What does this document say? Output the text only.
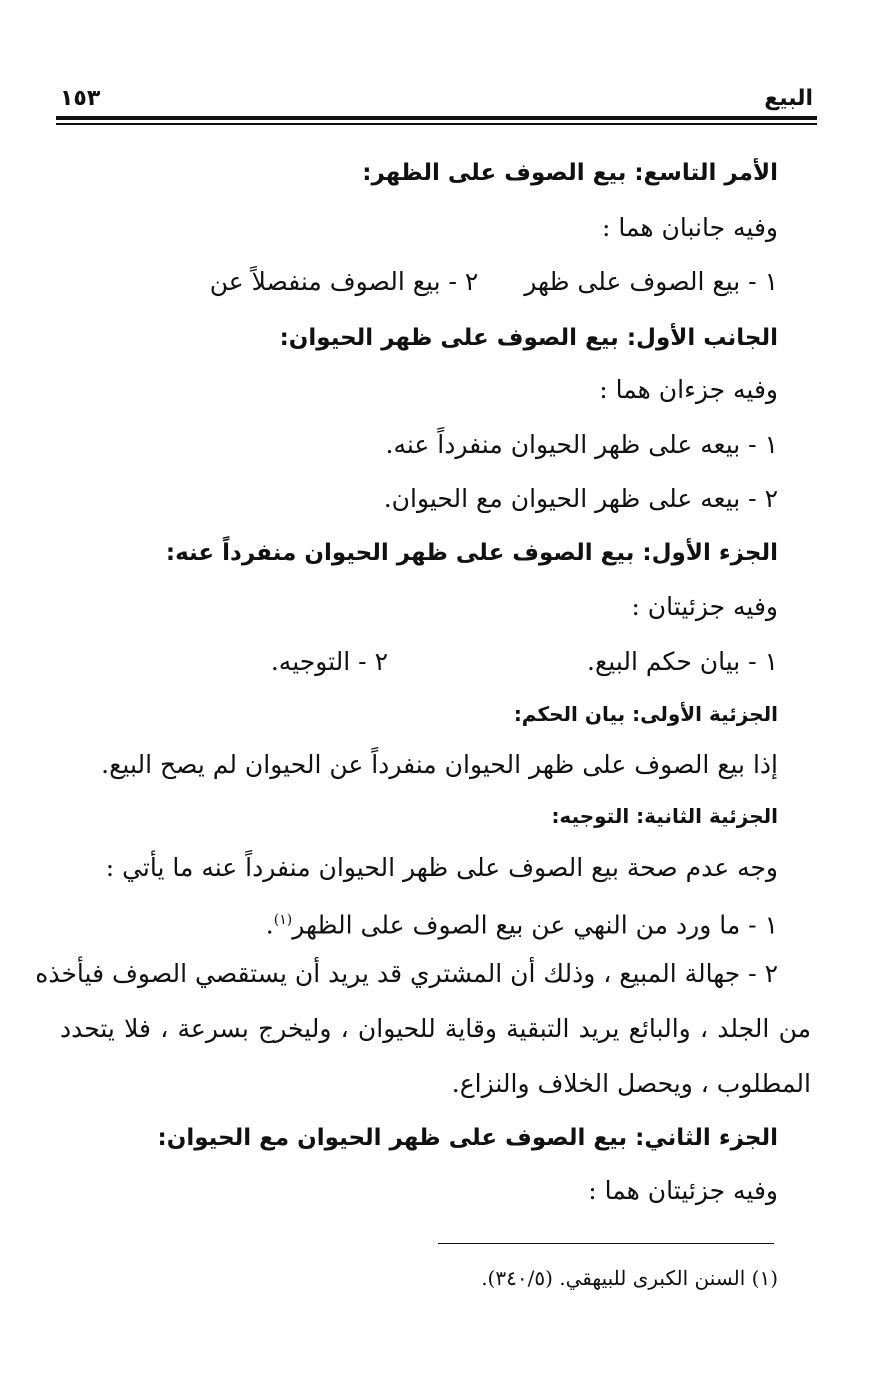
البيع
١٥٣
الأمر التاسع: بيع الصوف على الظهر:
وفيه جانبان هما :
١ - بيع الصوف على ظهر  ٢ - بيع الصوف منفصلاً عن
الجانب الأول: بيع الصوف على ظهر الحيوان:
وفيه جزءان هما :
١ - بيعه على ظهر الحيوان منفرداً عنه.
٢ - بيعه على ظهر الحيوان مع الحيوان.
الجزء الأول: بيع الصوف على ظهر الحيوان منفرداً عنه:
وفيه جزئيتان :
١ - بيان حكم البيع.
٢ - التوجيه.
الجزئية الأولى: بيان الحكم:
إذا بيع الصوف على ظهر الحيوان منفرداً عن الحيوان لم يصح البيع.
الجزئية الثانية: التوجيه:
وجه عدم صحة بيع الصوف على ظهر الحيوان منفرداً عنه ما يأتي :
١ - ما ورد من النهي عن بيع الصوف على الظهر$^{(١)}$.
٢ - جهالة المبيع ، وذلك أن المشتري قد يريد أن يستقصي الصوف فيأخذه
من الجلد ، والبائع يريد التبقية وقاية للحيوان ، وليخرج بسرعة ، فلا يتحدد
المطلوب ، ويحصل الخلاف والنزاع.
الجزء الثاني: بيع الصوف على ظهر الحيوان مع الحيوان:
وفيه جزئيتان هما :
(١) السنن الكبرى للبيهقي. (٣٤٠/٥).
